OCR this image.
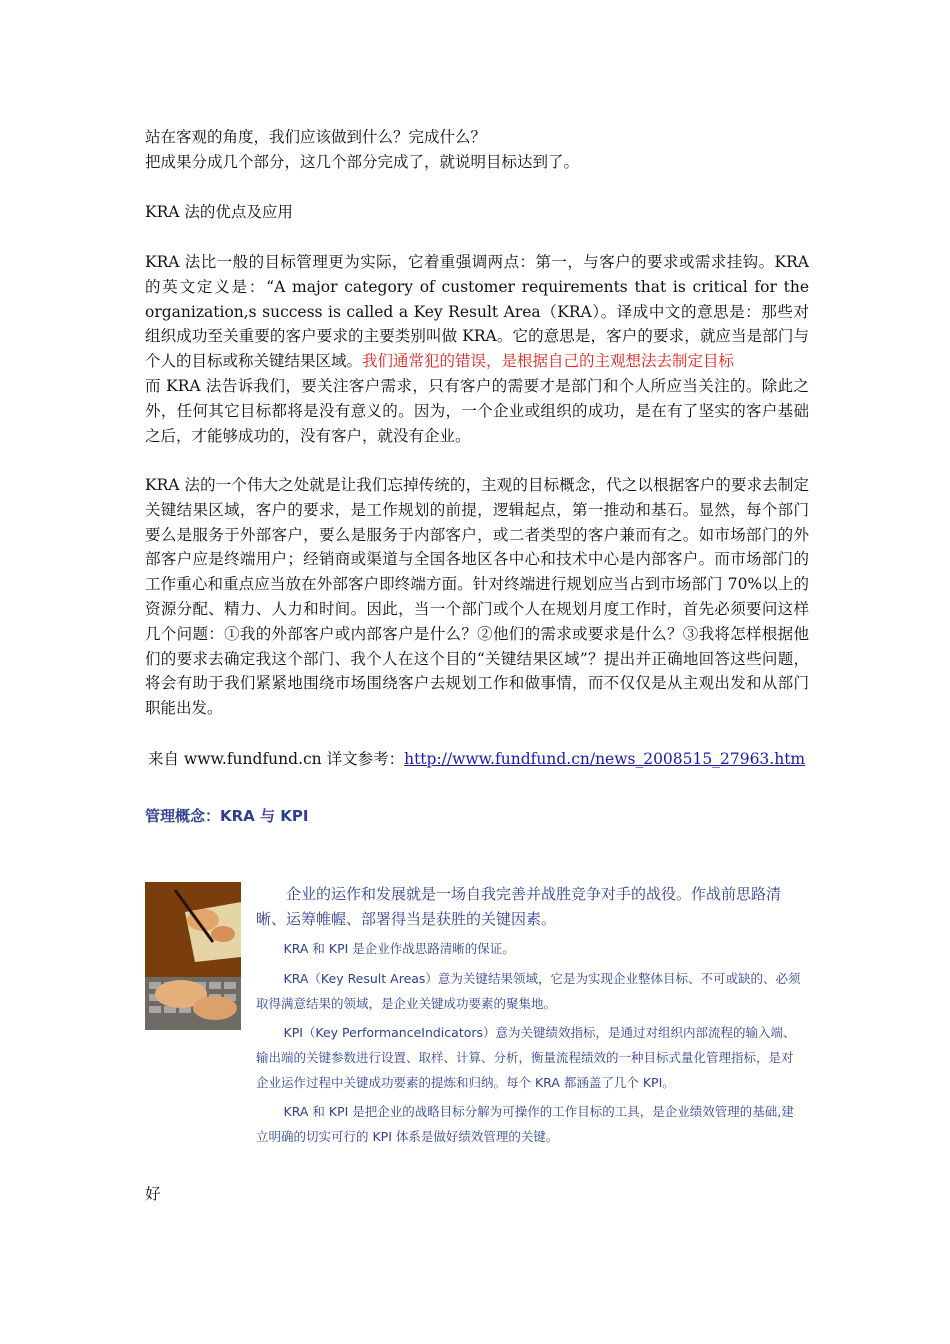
站在客观的角度，我们应该做到什么？完成什么？
把成果分成几个部分，这几个部分完成了，就说明目标达到了。
KRA 法的优点及应用
KRA 法比一般的目标管理更为实际，它着重强调两点：第一，与客户的要求或需求挂钩。KRA 的英文定义是：“A major category of customer requirements that is critical for the organization,s success is called a Key Result Area（KRA）。译成中文的意思是：那些对组织成功至关重要的客户要求的主要类别叫做 KRA。它的意思是，客户的要求，就应当是部门与个人的目标或称关键结果区域。我们通常犯的错误，是根据自己的主观想法去制定目标
而 KRA 法告诉我们，要关注客户需求，只有客户的需要才是部门和个人所应当关注的。除此之外，任何其它目标都将是没有意义的。因为，一个企业或组织的成功，是在有了坚实的客户基础之后，才能够成功的，没有客户，就没有企业。
KRA 法的一个伟大之处就是让我们忘掉传统的，主观的目标概念，代之以根据客户的要求去制定关键结果区域，客户的要求，是工作规划的前提，逻辑起点，第一推动和基石。显然，每个部门要么是服务于外部客户，要么是服务于内部客户，或二者类型的客户兼而有之。如市场部门的外部客户应是终端用户；经销商或渠道与全国各地区各中心和技术中心是内部客户。而市场部门的工作重心和重点应当放在外部客户即终端方面。针对终端进行规划应当占到市场部门 70%以上的资源分配、精力、人力和时间。因此，当一个部门或个人在规划月度工作时，首先必须要问这样几个问题：①我的外部客户或内部客户是什么？②他们的需求或要求是什么？③我将怎样根据他们的要求去确定我这个部门、我个人在这个目的“关键结果区域”？提出并正确地回答这些问题，将会有助于我们紧紧地围绕市场围绕客户去规划工作和做事情，而不仅仅是从主观出发和从部门职能出发。
来自 www.fundfund.cn 详文参考：http://www.fundfund.cn/news_2008515_27963.htm
管理概念：KRA 与 KPI
企业的运作和发展就是一场自我完善并战胜竞争对手的战役。作战前思路清晰、运筹帷幄、部署得当是获胜的关键因素。
KRA 和 KPI 是企业作战思路清晰的保证。
KRA（Key Result Areas）意为关键结果领域，它是为实现企业整体目标、不可或缺的、必须取得满意结果的领域，是企业关键成功要素的聚集地。
KPI（Key PerformanceIndicators）意为关键绩效指标，是通过对组织内部流程的输入端、输出端的关键参数进行设置、取样、计算、分析，衡量流程绩效的一种目标式量化管理指标，是对企业运作过程中关键成功要素的提炼和归纳。每个 KRA 都涵盖了几个 KPI。
KRA 和 KPI 是把企业的战略目标分解为可操作的工作目标的工具，是企业绩效管理的基础,建立明确的切实可行的 KPI 体系是做好绩效管理的关键。
好
